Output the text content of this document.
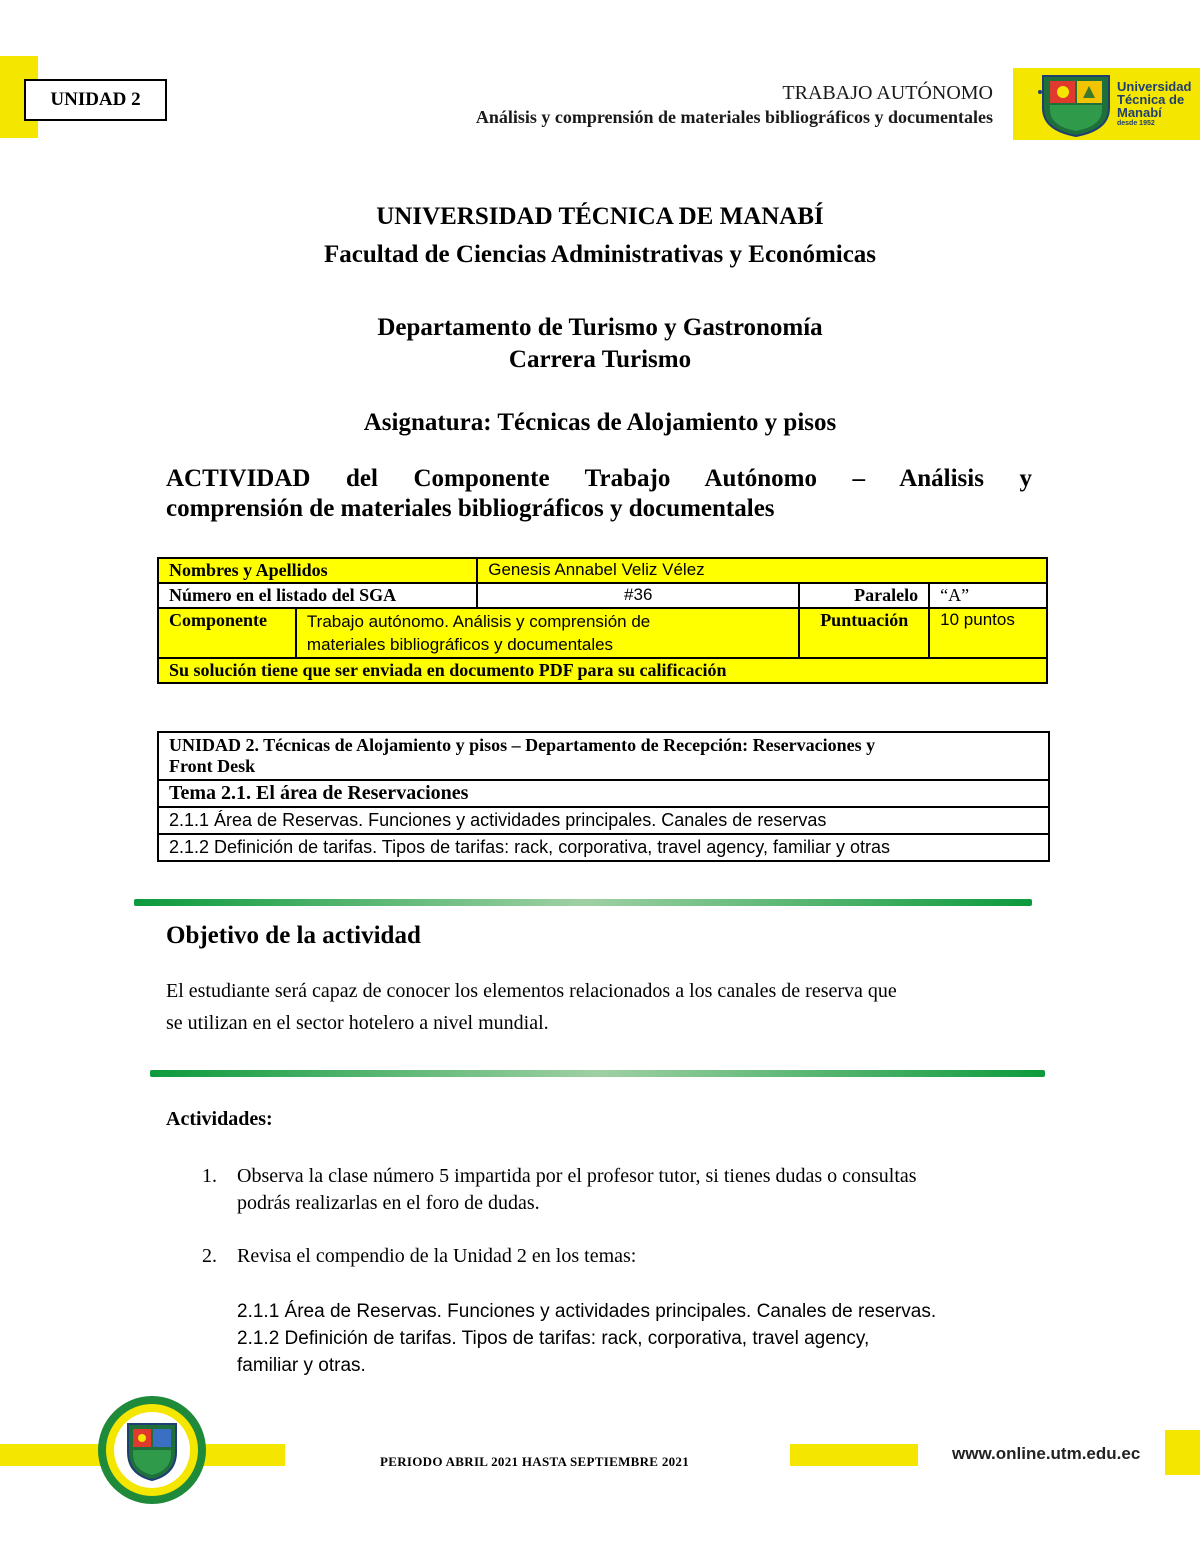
UNIDAD 2	TRABAJO AUTÓNOMO
Análisis y comprensión de materiales bibliográficos y documentales
Universidad
Técnica de
Manabí
desde 1952
UNIVERSIDAD TÉCNICA DE MANABÍ
Facultad de Ciencias Administrativas y Económicas
Departamento de Turismo y Gastronomía
Carrera Turismo
Asignatura: Técnicas de Alojamiento y pisos
ACTIVIDAD del Componente Trabajo Autónomo – Análisis y
comprensión de materiales bibliográficos y documentales
Nombres y Apellidos		Genesis Annabel Veliz Vélez		
Número en el listado del SGA		#36	Paralelo	“A”
Componente	Trabajo autónomo. Análisis y comprensión de
materiales bibliográficos y documentales		Puntuación	10 puntos
Su solución tiene que ser enviada en documento PDF para su calificación				
UNIDAD 2. Técnicas de Alojamiento y pisos – Departamento de Recepción: Reservaciones y
Front Desk
Tema 2.1. El área de Reservaciones
2.1.1 Área de Reservas. Funciones y actividades principales. Canales de reservas
2.1.2 Definición de tarifas. Tipos de tarifas: rack, corporativa, travel agency, familiar y otras
Objetivo de la actividad
El estudiante será capaz de conocer los elementos relacionados a los canales de reserva que
se utilizan en el sector hotelero a nivel mundial.
Actividades:
1. Observa la clase número 5 impartida por el profesor tutor, si tienes dudas o consultas
podrás realizarlas en el foro de dudas.
2. Revisa el compendio de la Unidad 2 en los temas:
2.1.1 Área de Reservas. Funciones y actividades principales. Canales de reservas.
2.1.2 Definición de tarifas. Tipos de tarifas: rack, corporativa, travel agency,
familiar y otras.
PERIODO ABRIL 2021 HASTA SEPTIEMBRE 2021	www.online.utm.edu.ec
